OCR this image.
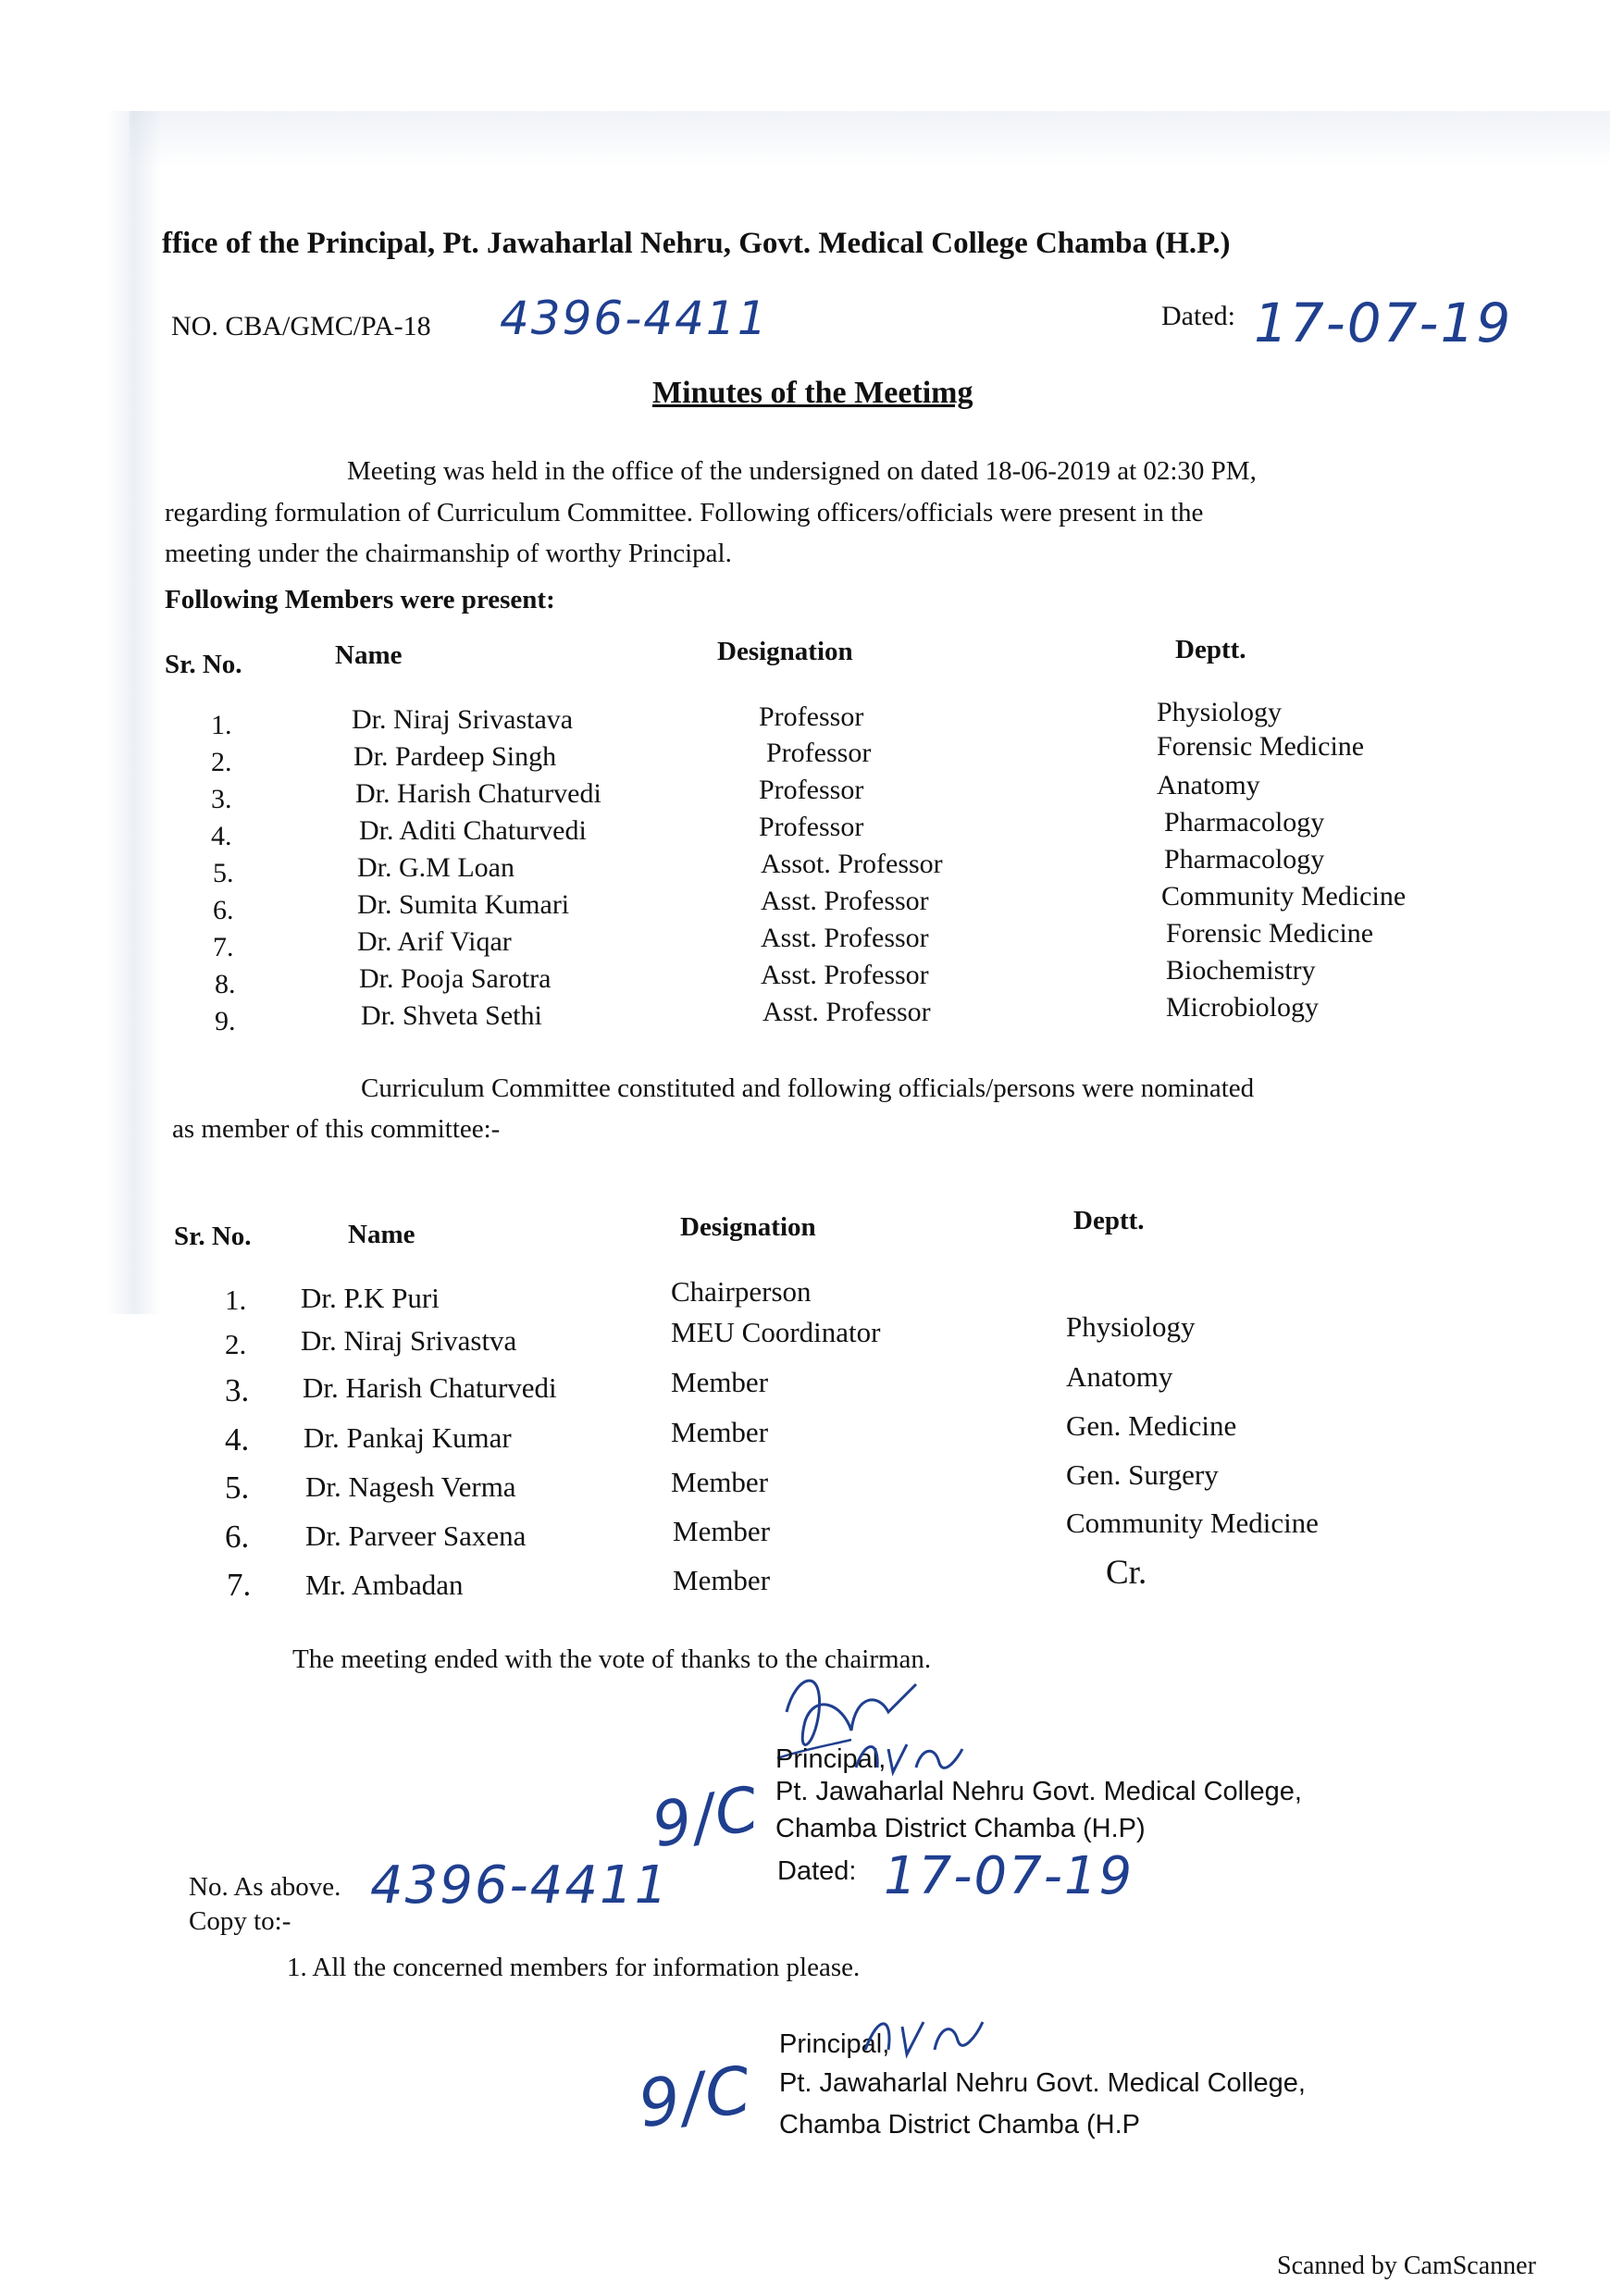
ffice of the Principal, Pt. Jawaharlal Nehru, Govt. Medical College Chamba (H.P.)
NO. CBA/GMC/PA-18 4396-4411	Dated: 17-07-19
Minutes of the Meetimg
Meeting was held in the office of the undersigned on dated 18-06-2019 at 02:30 PM,
regarding formulation of Curriculum Committee. Following officers/officials were present in the
meeting under the chairmanship of worthy Principal.
Following Members were present:
Sr. No.	Name	Designation	Deptt.
1.	Dr. Niraj Srivastava	Professor	Physiology
2.	Dr. Pardeep Singh	Professor	Forensic Medicine
3.	Dr. Harish Chaturvedi	Professor	Anatomy
4.	Dr. Aditi Chaturvedi	Professor	Pharmacology
5.	Dr. G.M Loan	Assot. Professor	Pharmacology
6.	Dr. Sumita Kumari	Asst. Professor	Community Medicine
7.	Dr. Arif Viqar	Asst. Professor	Forensic Medicine
8.	Dr. Pooja Sarotra	Asst. Professor	Biochemistry
9.	Dr. Shveta Sethi	Asst. Professor	Microbiology
Curriculum Committee constituted and following officials/persons were nominated
as member of this committee:-
Sr. No.	Name	Designation	Deptt.
1. Dr. P.K Puri	Chairperson
2. Dr. Niraj Srivastva	MEU Coordinator	Physiology
3. Dr. Harish Chaturvedi	Member	Anatomy
4. Dr. Pankaj Kumar	Member	Gen. Medicine
5. Dr. Nagesh Verma	Member	Gen. Surgery
6. Dr. Parveer Saxena	Member	Community Medicine
7. Mr. Ambadan	Member	Cr.
The meeting ended with the vote of thanks to the chairman.
Principal,
9/C Pt. Jawaharlal Nehru Govt. Medical College,
Chamba District Chamba (H.P)
Dated: 17-07-19
No. As above. 4396-4411
Copy to:-
1. All the concerned members for information please.
Principal,
9/C Pt. Jawaharlal Nehru Govt. Medical College,
Chamba District Chamba (H.P
Scanned by CamScanner
